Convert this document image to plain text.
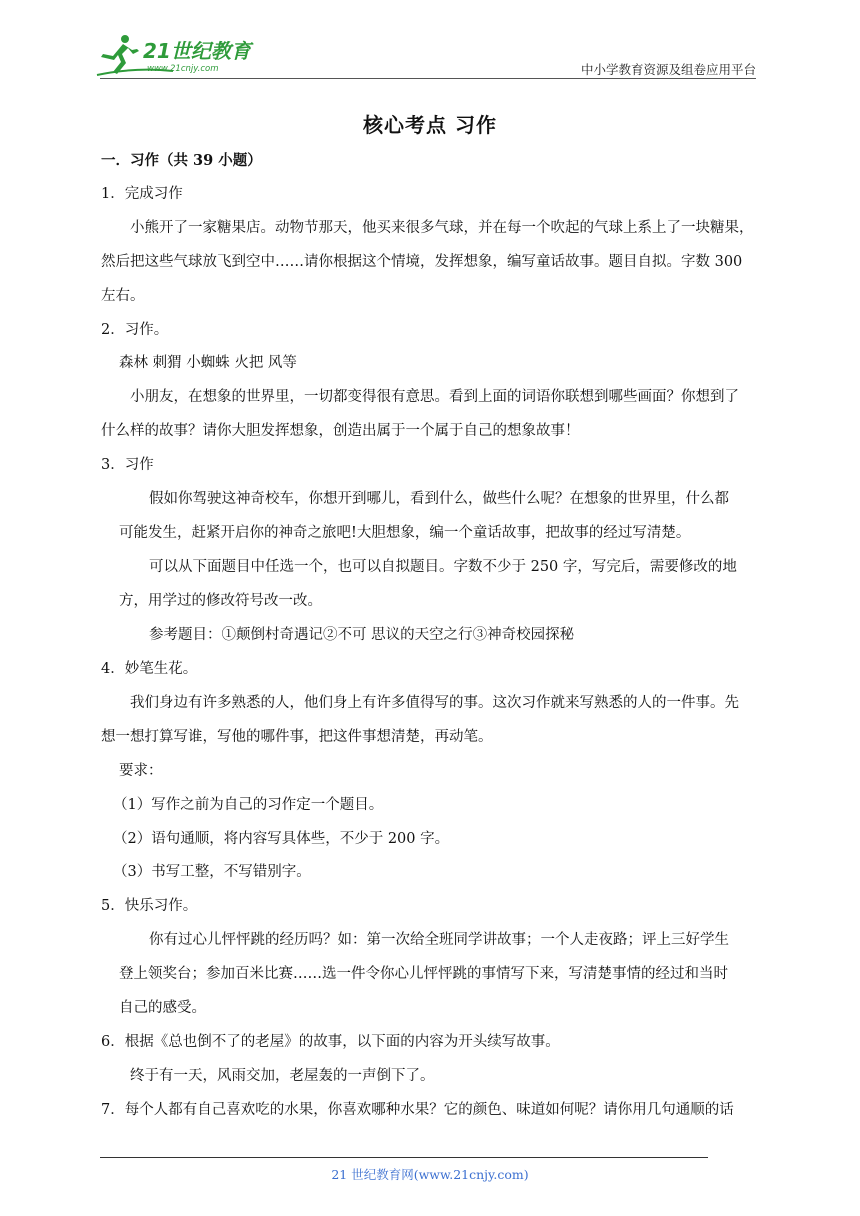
21世纪教育
www.21cnjy.com	中小学教育资源及组卷应用平台
核心考点 习作
一．习作（共 39 小题）
1．完成习作
小熊开了一家糖果店。动物节那天，他买来很多气球，并在每一个吹起的气球上系上了一块糖果，
然后把这些气球放飞到空中……请你根据这个情境，发挥想象，编写童话故事。题目自拟。字数 300
左右。
2．习作。
森林 刺猬 小蜘蛛 火把 风等
小朋友，在想象的世界里，一切都变得很有意思。看到上面的词语你联想到哪些画面？你想到了
什么样的故事？请你大胆发挥想象，创造出属于一个属于自己的想象故事！
3．习作
假如你驾驶这神奇校车，你想开到哪儿，看到什么，做些什么呢？在想象的世界里，什么都
可能发生，赶紧开启你的神奇之旅吧!大胆想象，编一个童话故事，把故事的经过写清楚。
可以从下面题目中任选一个，也可以自拟题目。字数不少于 250 字，写完后，需要修改的地
方，用学过的修改符号改一改。
参考题目：①颠倒村奇遇记②不可 思议的天空之行③神奇校园探秘
4．妙笔生花。
我们身边有许多熟悉的人，他们身上有许多值得写的事。这次习作就来写熟悉的人的一件事。先
想一想打算写谁，写他的哪件事，把这件事想清楚，再动笔。
要求：
（1）写作之前为自己的习作定一个题目。
（2）语句通顺，将内容写具体些，不少于 200 字。
（3）书写工整，不写错别字。
5．快乐习作。
你有过心儿怦怦跳的经历吗？如：第一次给全班同学讲故事；一个人走夜路；评上三好学生
登上领奖台；参加百米比赛……选一件令你心儿怦怦跳的事情写下来，写清楚事情的经过和当时
自己的感受。
6．根据《总也倒不了的老屋》的故事，以下面的内容为开头续写故事。
终于有一天，风雨交加，老屋轰的一声倒下了。
7．每个人都有自己喜欢吃的水果，你喜欢哪种水果？它的颜色、味道如何呢？请你用几句通顺的话
21 世纪教育网(www.21cnjy.com)
